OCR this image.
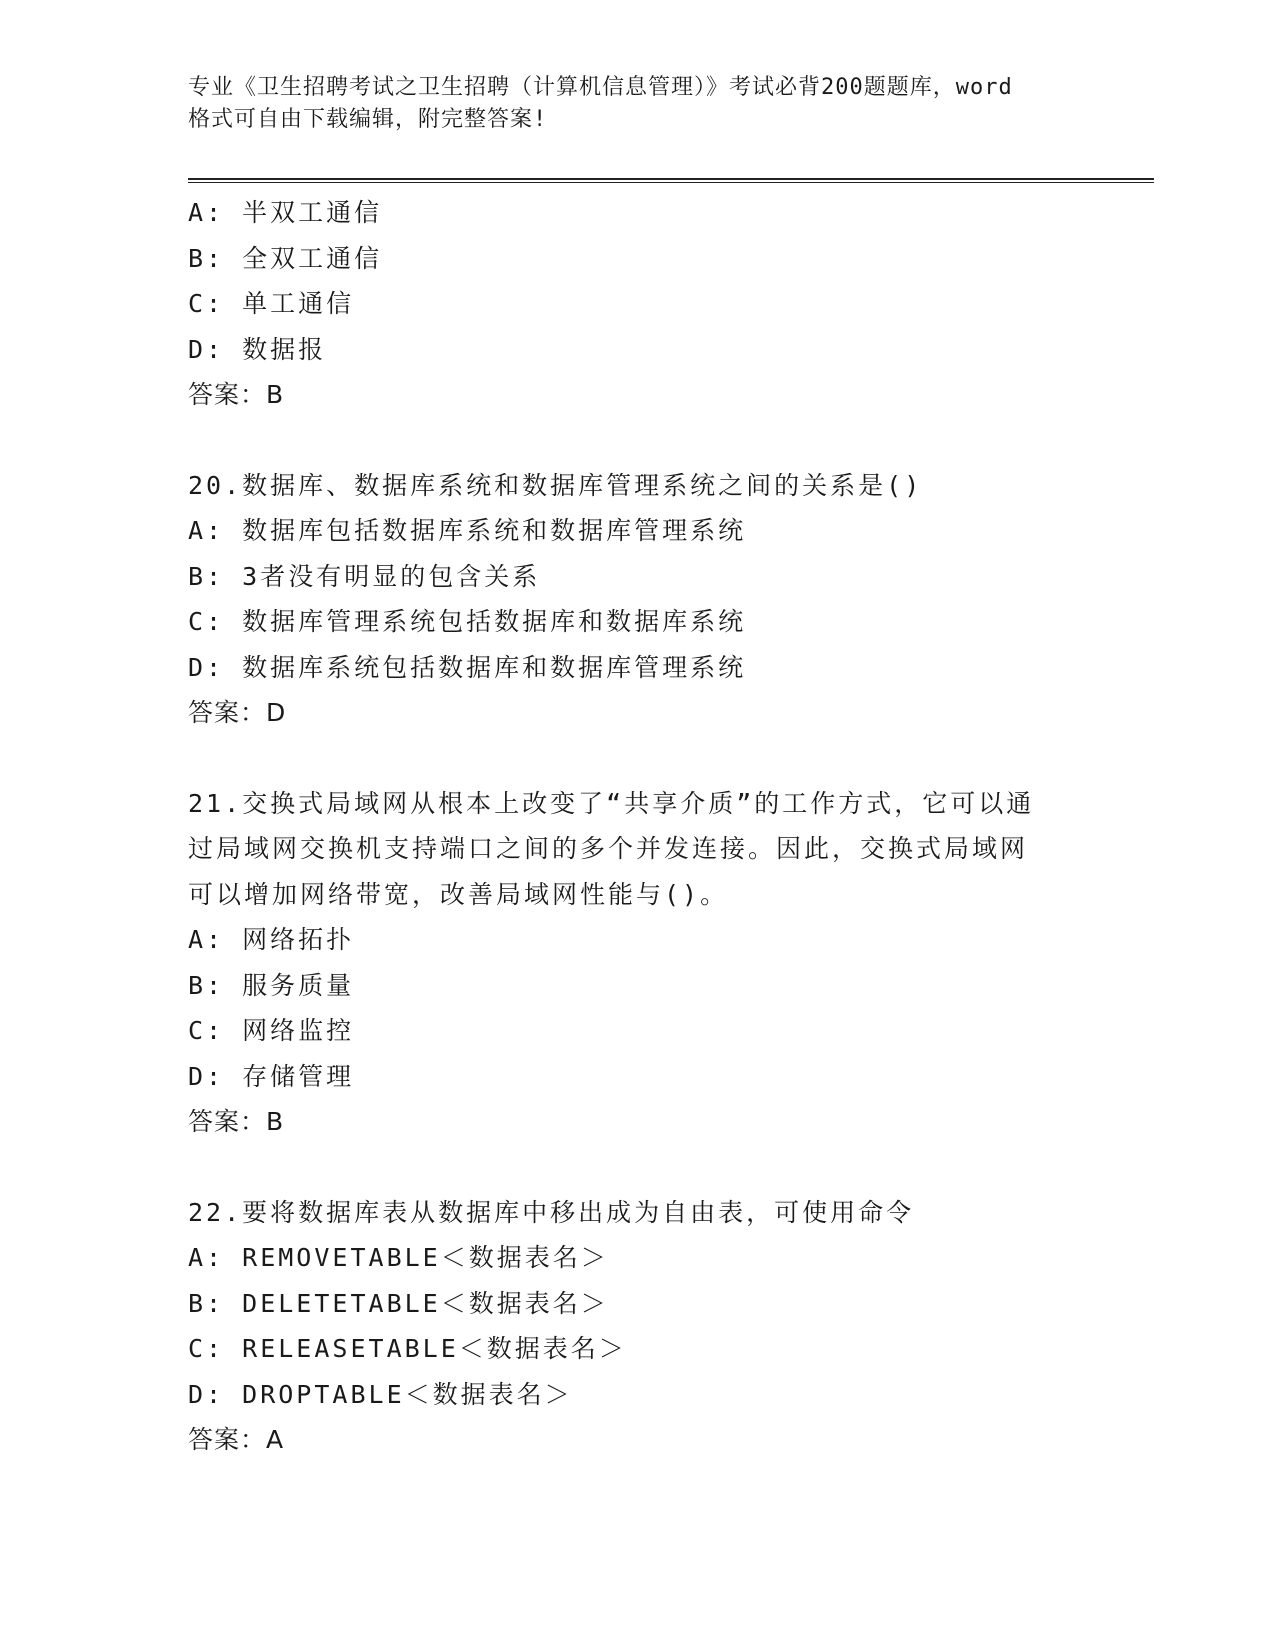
专业《卫生招聘考试之卫生招聘（计算机信息管理）》考试必背200题题库，word
格式可自由下载编辑，附完整答案!
A: 半双工通信
B: 全双工通信
C: 单工通信
D: 数据报
答案：B
20.数据库、数据库系统和数据库管理系统之间的关系是()
A: 数据库包括数据库系统和数据库管理系统
B: 3者没有明显的包含关系
C: 数据库管理系统包括数据库和数据库系统
D: 数据库系统包括数据库和数据库管理系统
答案：D
21.交换式局域网从根本上改变了“共享介质”的工作方式，它可以通
过局域网交换机支持端口之间的多个并发连接。因此，交换式局域网
可以增加网络带宽，改善局域网性能与()。
A: 网络拓扑
B: 服务质量
C: 网络监控
D: 存储管理
答案：B
22.要将数据库表从数据库中移出成为自由表，可使用命令
A: REMOVETABLE＜数据表名＞
B: DELETETABLE＜数据表名＞
C: RELEASETABLE＜数据表名＞
D: DROPTABLE＜数据表名＞
答案：A
